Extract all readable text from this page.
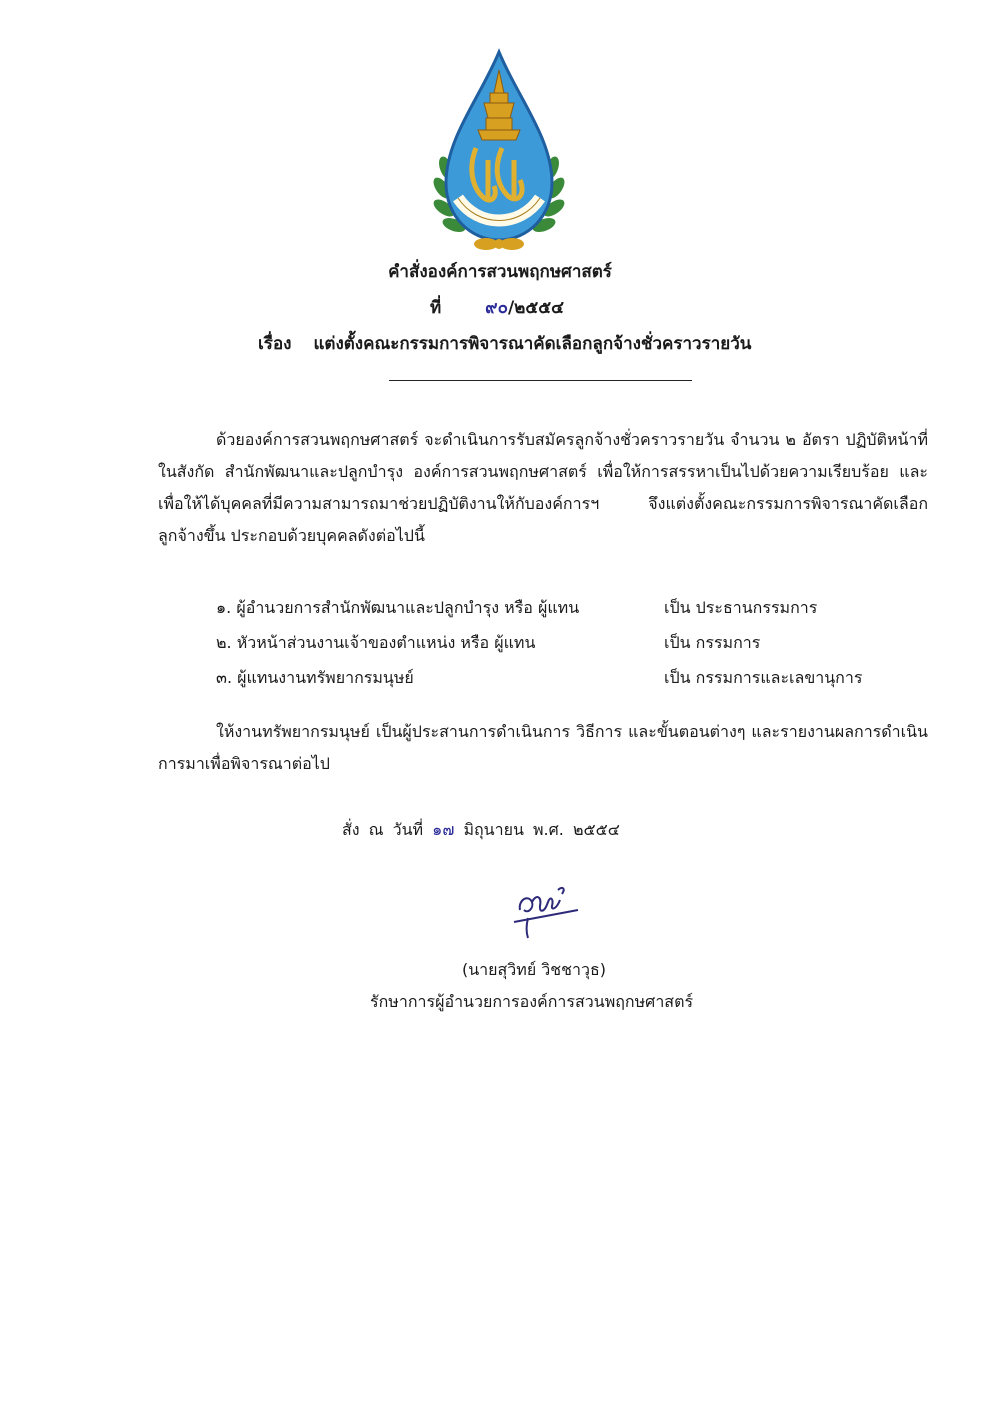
คำสั่งองค์การสวนพฤกษศาสตร์
ที่	๙๐/๒๕๕๔
เรื่อง แต่งตั้งคณะกรรมการพิจารณาคัดเลือกลูกจ้างชั่วคราวรายวัน
ด้วยองค์การสวนพฤกษศาสตร์ จะดำเนินการรับสมัครลูกจ้างชั่วคราวรายวัน จำนวน ๒ อัตรา ปฏิบัติหน้าที่ในสังกัด สำนักพัฒนาและปลูกบำรุง องค์การสวนพฤกษศาสตร์ เพื่อให้การสรรหาเป็นไปด้วยความเรียบร้อย และเพื่อให้ได้บุคคลที่มีความสามารถมาช่วยปฏิบัติงานให้กับองค์การฯ จึงแต่งตั้งคณะกรรมการพิจารณาคัดเลือกลูกจ้างขึ้น ประกอบด้วยบุคคลดังต่อไปนี้
๑. ผู้อำนวยการสำนักพัฒนาและปลูกบำรุง หรือ ผู้แทน	เป็น ประธานกรรมการ
๒. หัวหน้าส่วนงานเจ้าของตำแหน่ง หรือ ผู้แทน	เป็น กรรมการ
๓. ผู้แทนงานทรัพยากรมนุษย์	เป็น กรรมการและเลขานุการ
ให้งานทรัพยากรมนุษย์ เป็นผู้ประสานการดำเนินการ วิธีการ และขั้นตอนต่างๆ และรายงานผลการดำเนินการมาเพื่อพิจารณาต่อไป
สั่ง ณ วันที่ ๑๗ มิถุนายน พ.ศ. ๒๕๕๔
(นายสุวิทย์ วิชชาวุธ)
รักษาการผู้อำนวยการองค์การสวนพฤกษศาสตร์
